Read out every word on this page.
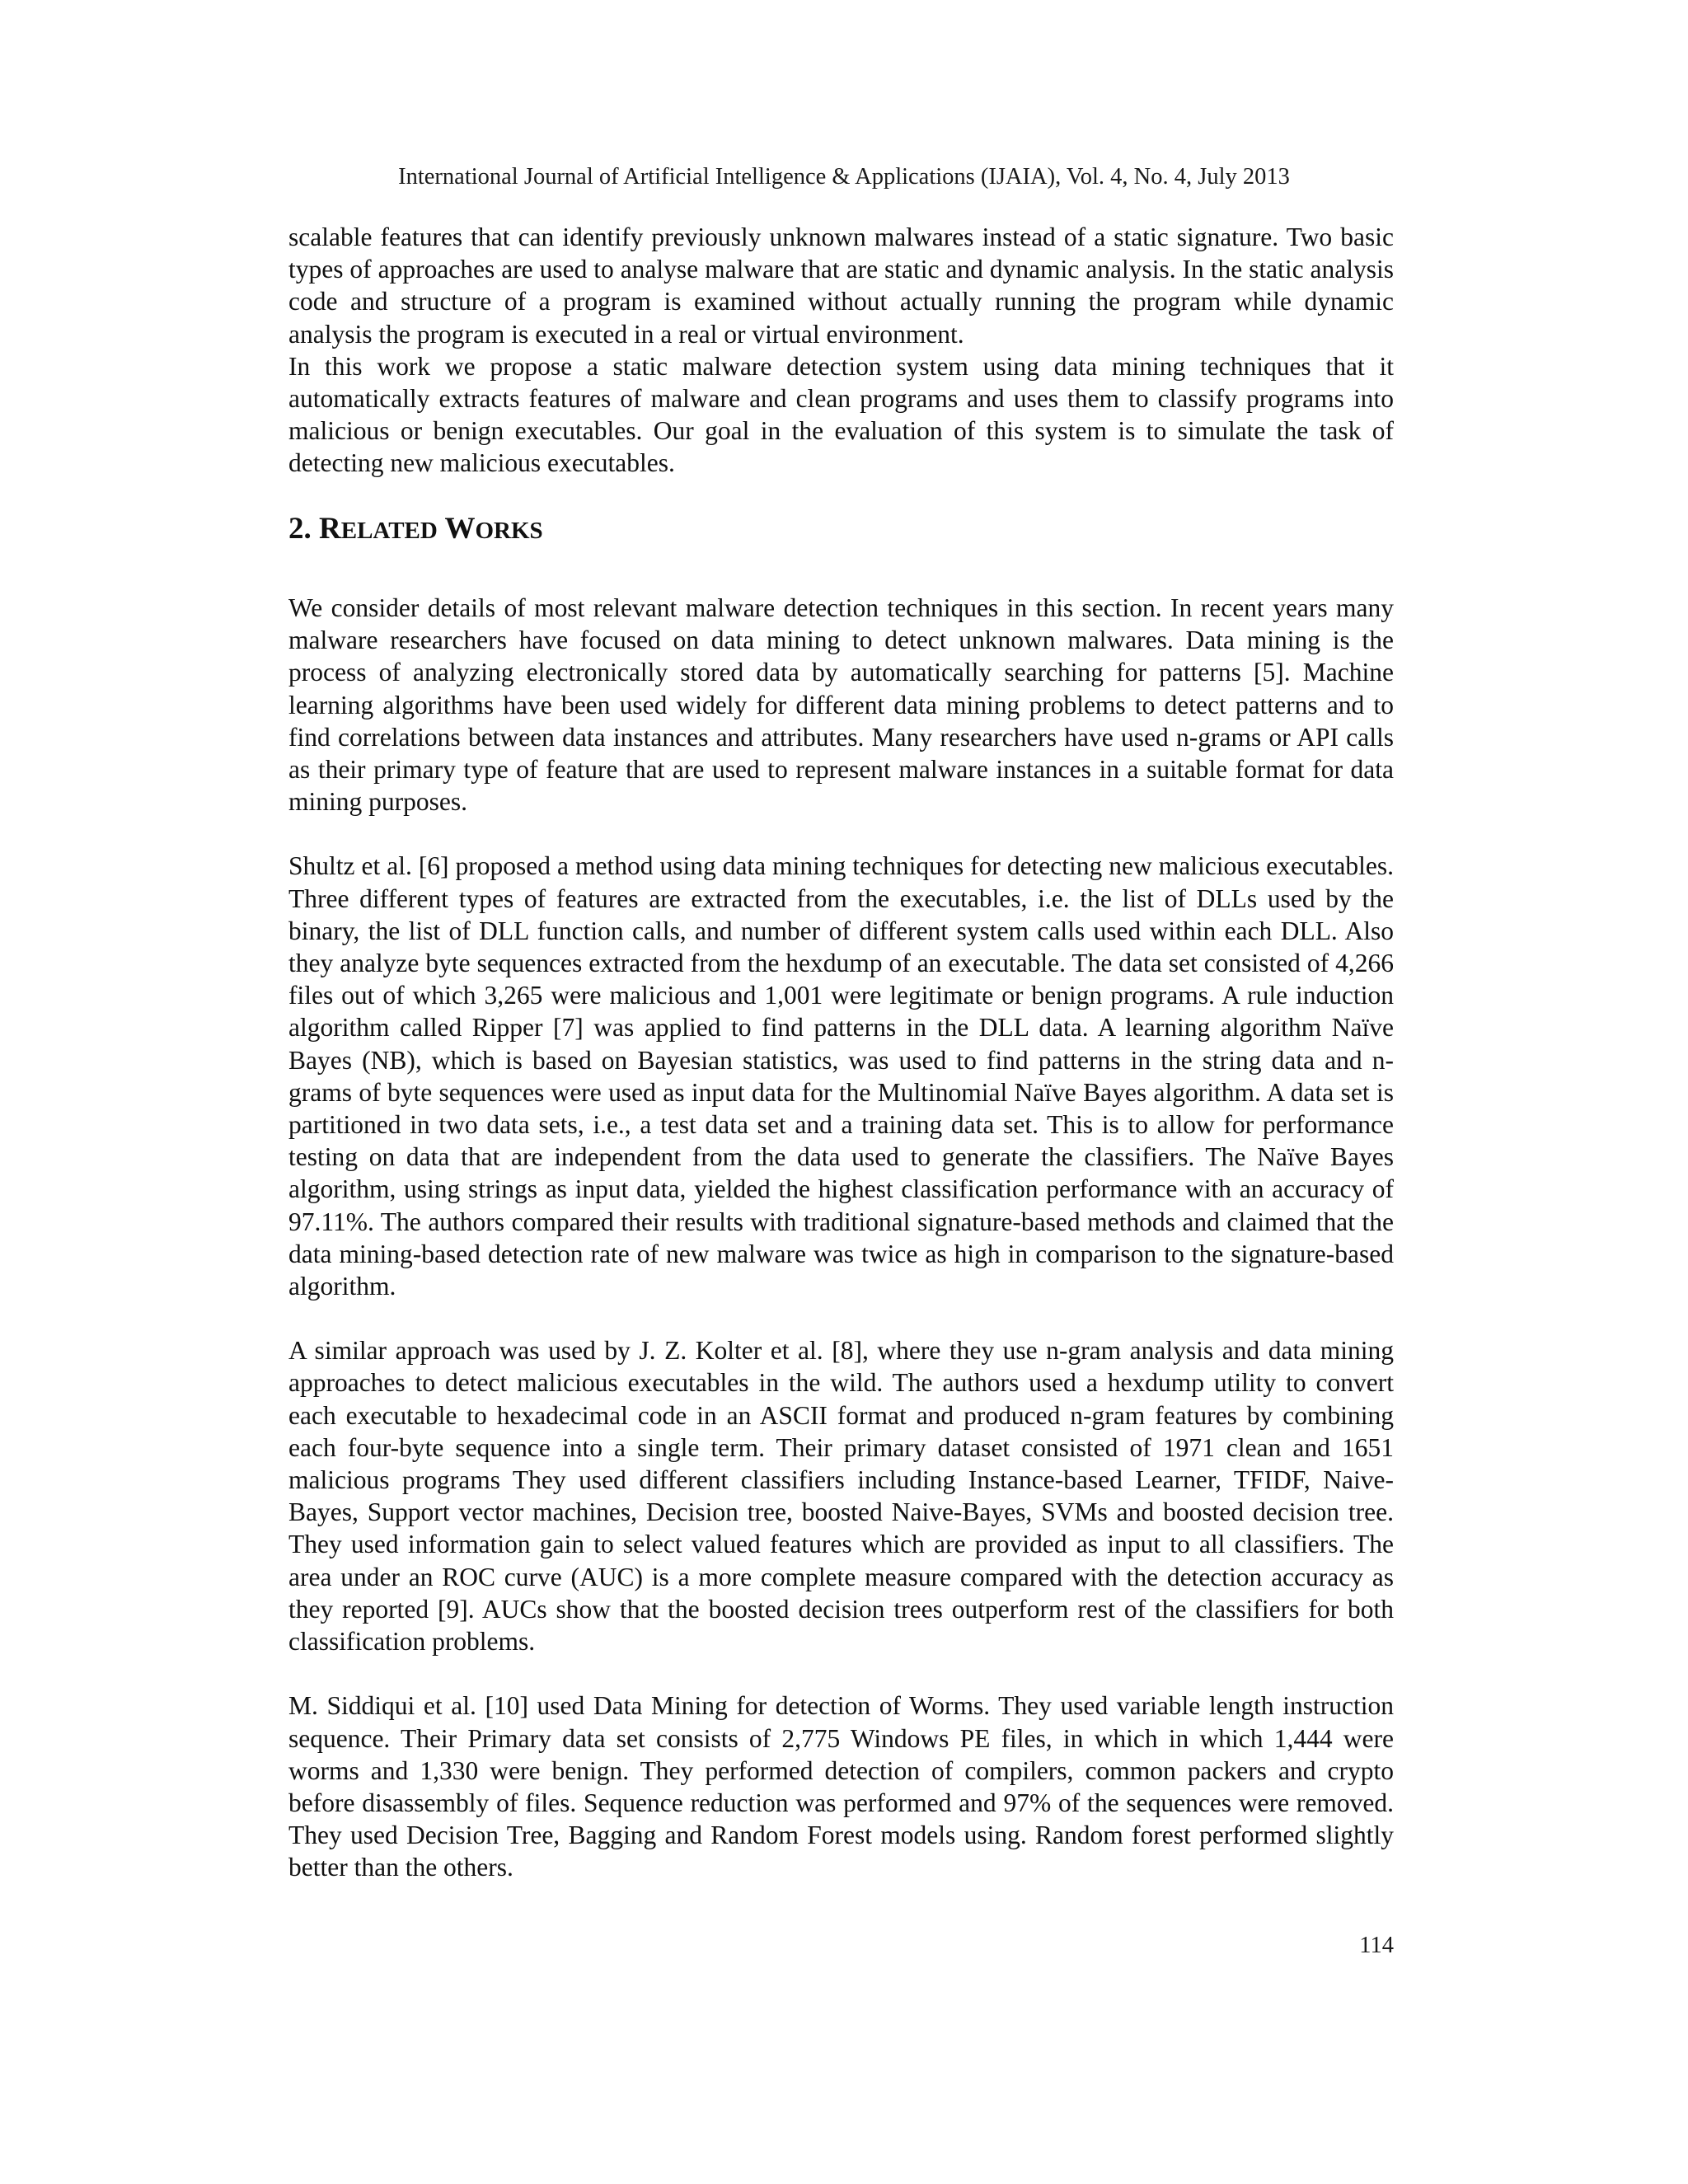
International Journal of Artificial Intelligence & Applications (IJAIA), Vol. 4, No. 4, July 2013

scalable features that can identify previously unknown malwares instead of a static signature. Two basic types of approaches are used to analyse malware that are static and dynamic analysis. In the static analysis code and structure of a program is examined without actually running the program while dynamic analysis the program is executed in a real or virtual environment.

In this work we propose a static malware detection system using data mining techniques that it automatically extracts features of malware and clean programs and uses them to classify programs into malicious or benign executables. Our goal in the evaluation of this system is to simulate the task of detecting new malicious executables.

2. RELATED WORKS

We consider details of most relevant malware detection techniques in this section. In recent years many malware researchers have focused on data mining to detect unknown malwares. Data mining is the process of analyzing electronically stored data by automatically searching for patterns [5]. Machine learning algorithms have been used widely for different data mining problems to detect patterns and to find correlations between data instances and attributes. Many researchers have used n-grams or API calls as their primary type of feature that are used to represent malware instances in a suitable format for data mining purposes.

Shultz et al. [6] proposed a method using data mining techniques for detecting new malicious executables. Three different types of features are extracted from the executables, i.e. the list of DLLs used by the binary, the list of DLL function calls, and number of different system calls used within each DLL. Also they analyze byte sequences extracted from the hexdump of an executable. The data set consisted of 4,266 files out of which 3,265 were malicious and 1,001 were legitimate or benign programs. A rule induction algorithm called Ripper [7] was applied to find patterns in the DLL data. A learning algorithm Naïve Bayes (NB), which is based on Bayesian statistics, was used to find patterns in the string data and n-grams of byte sequences were used as input data for the Multinomial Naïve Bayes algorithm. A data set is partitioned in two data sets, i.e., a test data set and a training data set. This is to allow for performance testing on data that are independent from the data used to generate the classifiers. The Naïve Bayes algorithm, using strings as input data, yielded the highest classification performance with an accuracy of 97.11%. The authors compared their results with traditional signature-based methods and claimed that the data mining-based detection rate of new malware was twice as high in comparison to the signature-based algorithm.

A similar approach was used by J. Z. Kolter et al. [8], where they use n-gram analysis and data mining approaches to detect malicious executables in the wild. The authors used a hexdump utility to convert each executable to hexadecimal code in an ASCII format and produced n-gram features by combining each four-byte sequence into a single term. Their primary dataset consisted of 1971 clean and 1651 malicious programs They used different classifiers including Instance-based Learner, TFIDF, Naive-Bayes, Support vector machines, Decision tree, boosted Naive-Bayes, SVMs and boosted decision tree. They used information gain to select valued features which are provided as input to all classifiers. The area under an ROC curve (AUC) is a more complete measure compared with the detection accuracy as they reported [9]. AUCs show that the boosted decision trees outperform rest of the classifiers for both classification problems.

M. Siddiqui et al. [10] used Data Mining for detection of Worms. They used variable length instruction sequence. Their Primary data set consists of 2,775 Windows PE files, in which in which 1,444 were worms and 1,330 were benign. They performed detection of compilers, common packers and crypto before disassembly of files. Sequence reduction was performed and 97% of the sequences were removed. They used Decision Tree, Bagging and Random Forest models using. Random forest performed slightly better than the others.

114
